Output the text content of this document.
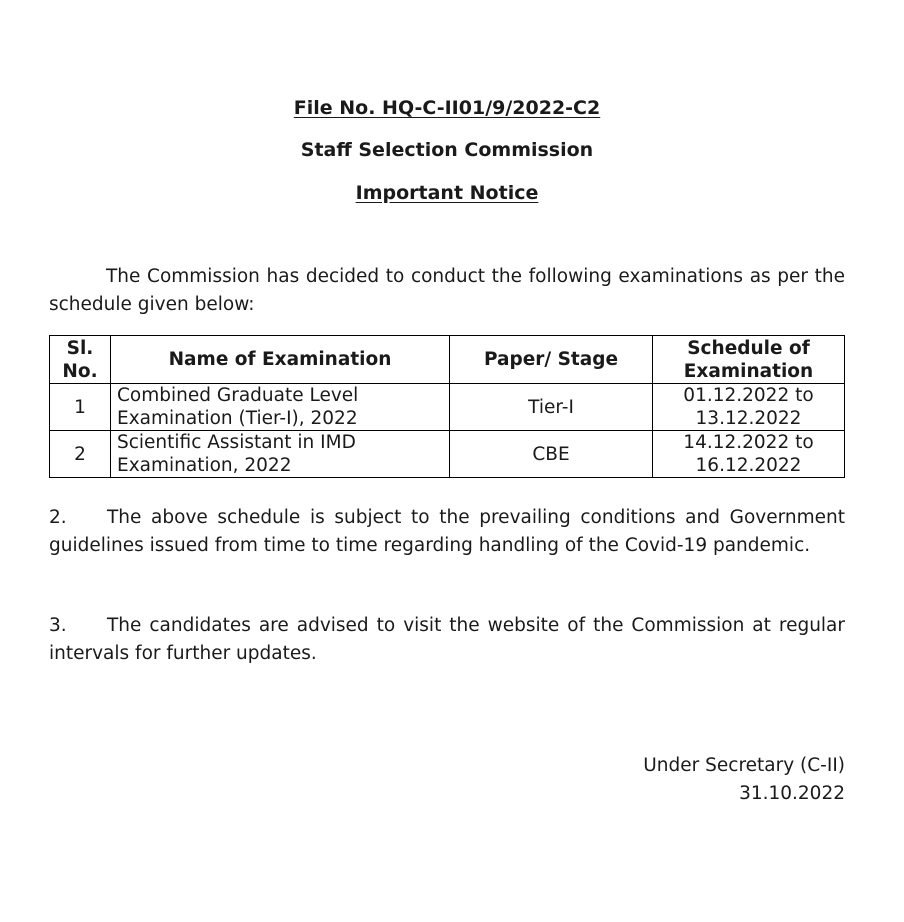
File No. HQ-C-II01/9/2022-C2
Staff Selection Commission
Important Notice
The Commission has decided to conduct the following examinations as per the schedule given below:
Sl. No.	Name of Examination	Paper/ Stage	Schedule of Examination
1	Combined Graduate Level Examination (Tier-I), 2022	Tier-I	01.12.2022 to 13.12.2022
2	Scientific Assistant in IMD Examination, 2022	CBE	14.12.2022 to 16.12.2022
2. The above schedule is subject to the prevailing conditions and Government guidelines issued from time to time regarding handling of the Covid-19 pandemic.
3. The candidates are advised to visit the website of the Commission at regular intervals for further updates.
Under Secretary (C-II)
31.10.2022
